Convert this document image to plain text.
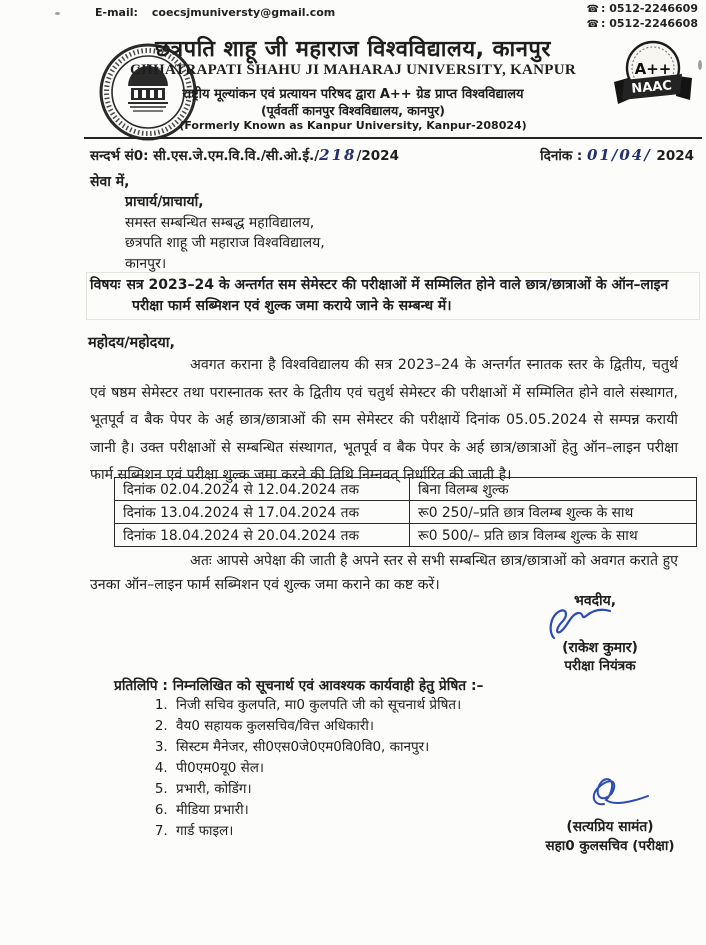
E-mail: coecsjmuniversty@gmail.com	☎ : 0512-2246609
☎ : 0512-2246608
A++
NAAC
छत्रपति शाहू जी महाराज विश्वविद्यालय, कानपुर
CHHATRAPATI SHAHU JI MAHARAJ UNIVERSITY, KANPUR
राष्ट्रीय मूल्यांकन एवं प्रत्यायन परिषद द्वारा A++ ग्रेड प्राप्त विश्वविद्यालय
(पूर्ववर्ती कानपुर विश्वविद्यालय, कानपुर)
(Formerly Known as Kanpur University, Kanpur-208024)
सन्दर्भ सं0: सी.एस.जे.एम.वि.वि./सी.ओ.ई./218/2024	दिनांक : 01/04/ 2024
सेवा में,
प्राचार्य/प्राचार्या,
समस्त सम्बन्धित सम्बद्ध महाविद्यालय,
छत्रपति शाहू जी महाराज विश्वविद्यालय,
कानपुर।
विषयः सत्र 2023–24 के अन्तर्गत सम सेमेस्टर की परीक्षाओं में सम्मिलित होने वाले छात्र/छात्राओं के ऑन–लाइन परीक्षा फार्म सब्मिशन एवं शुल्क जमा कराये जाने के सम्बन्ध में।
महोदय/महोदया,
अवगत कराना है विश्वविद्यालय की सत्र 2023–24 के अन्तर्गत स्नातक स्तर के द्वितीय, चतुर्थ एवं षष्ठम सेमेस्टर तथा परास्नातक स्तर के द्वितीय एवं चतुर्थ सेमेस्टर की परीक्षाओं में सम्मिलित होने वाले संस्थागत, भूतपूर्व व बैक पेपर के अर्ह छात्र/छात्राओं की सम सेमेस्टर की परीक्षायें दिनांक 05.05.2024 से सम्पन्न करायी जानी है। उक्त परीक्षाओं से सम्बन्धित संस्थागत, भूतपूर्व व बैक पेपर के अर्ह छात्र/छात्राओं हेतु ऑन–लाइन परीक्षा फार्म सब्मिशन एवं परीक्षा शुल्क जमा करने की तिथि निम्नवत् निर्धारित की जाती है।
दिनांक 02.04.2024 से 12.04.2024 तक	बिना विलम्ब शुल्क
दिनांक 13.04.2024 से 17.04.2024 तक	रू0 250/–प्रति छात्र विलम्ब शुल्क के साथ
दिनांक 18.04.2024 से 20.04.2024 तक	रू0 500/– प्रति छात्र विलम्ब शुल्क के साथ
अतः आपसे अपेक्षा की जाती है अपने स्तर से सभी सम्बन्धित छात्र/छात्राओं को अवगत कराते हुए उनका ऑन–लाइन फार्म सब्मिशन एवं शुल्क जमा कराने का कष्ट करें।
भवदीय,
(राकेश कुमार)
परीक्षा नियंत्रक
प्रतिलिपि : निम्नलिखित को सूचनार्थ एवं आवश्यक कार्यवाही हेतु प्रेषित :–
1. निजी सचिव कुलपति, मा0 कुलपति जी को सूचनार्थ प्रेषित।
2. वैय0 सहायक कुलसचिव/वित्त अधिकारी।
3. सिस्टम मैनेजर, सी0एस0जे0एम0वि0वि0, कानपुर।
4. पी0एम0यू0 सेल।
5. प्रभारी, कोडिंग।
6. मीडिया प्रभारी।
7. गार्ड फाइल।	(सत्यप्रिय सामंत)
सहा0 कुलसचिव (परीक्षा)
